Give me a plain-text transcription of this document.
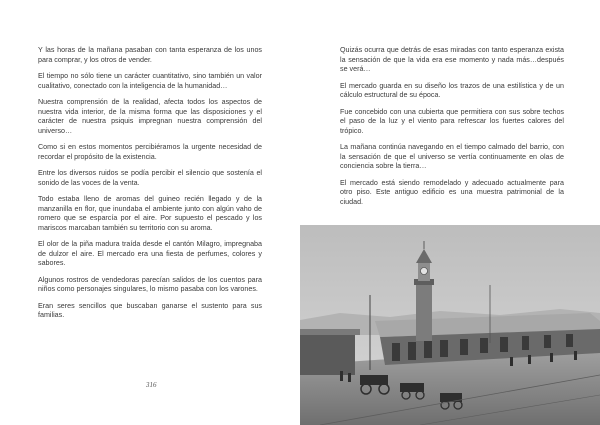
Y las horas de la mañana pasaban con tanta esperanza de los unos para comprar, y los otros de vender.

El tiempo no sólo tiene un carácter cuantitativo, sino también un valor cualitativo, conectado con la inteligencia de la humanidad…

Nuestra comprensión de la realidad, afecta todos los aspectos de nuestra vida interior, de la misma forma que las disposiciones y el carácter de nuestra psiquis impregnan nuestra comprensión del universo…

Como si en estos momentos percibiéramos la urgente necesidad de recordar el propósito de la existencia.

Entre los diversos ruidos se podía percibir el silencio que sostenía el sonido de las voces de la venta.

Todo estaba lleno de aromas del guineo recién llegado y de la manzanilla en flor, que inundaba el ambiente junto con algún vaho de romero que se esparcía por el aire. Por supuesto el pescado y los mariscos marcaban también su territorio con su aroma.

El olor de la piña madura traída desde el cantón Milagro, impregnaba de dulzor el aire. El mercado era una fiesta de perfumes, colores y sabores.

Algunos rostros de vendedoras parecían salidos de los cuentos para niños como personajes singulares, lo mismo pasaba con los varones.

Eran seres sencillos que buscaban ganarse el sustento para sus familias.

316

Quizás ocurra que detrás de esas miradas con tanto esperanza exista la sensación de que la vida era ese momento y nada más…después se verá…

El mercado guarda en su diseño los trazos de una estilística y de un cálculo estructural de su época.

Fue concebido con una cubierta que permitiera con sus sobre techos el paso de la luz y el viento para refrescar los fuertes calores del trópico.

La mañana continúa navegando en el tiempo calmado del barrio, con la sensación de que el universo se vertía continuamente en olas de conciencia sobre la tierra…

El mercado está siendo remodelado y adecuado actualmente para otro piso. Este antiguo edificio es una muestra patrimonial de la ciudad.
